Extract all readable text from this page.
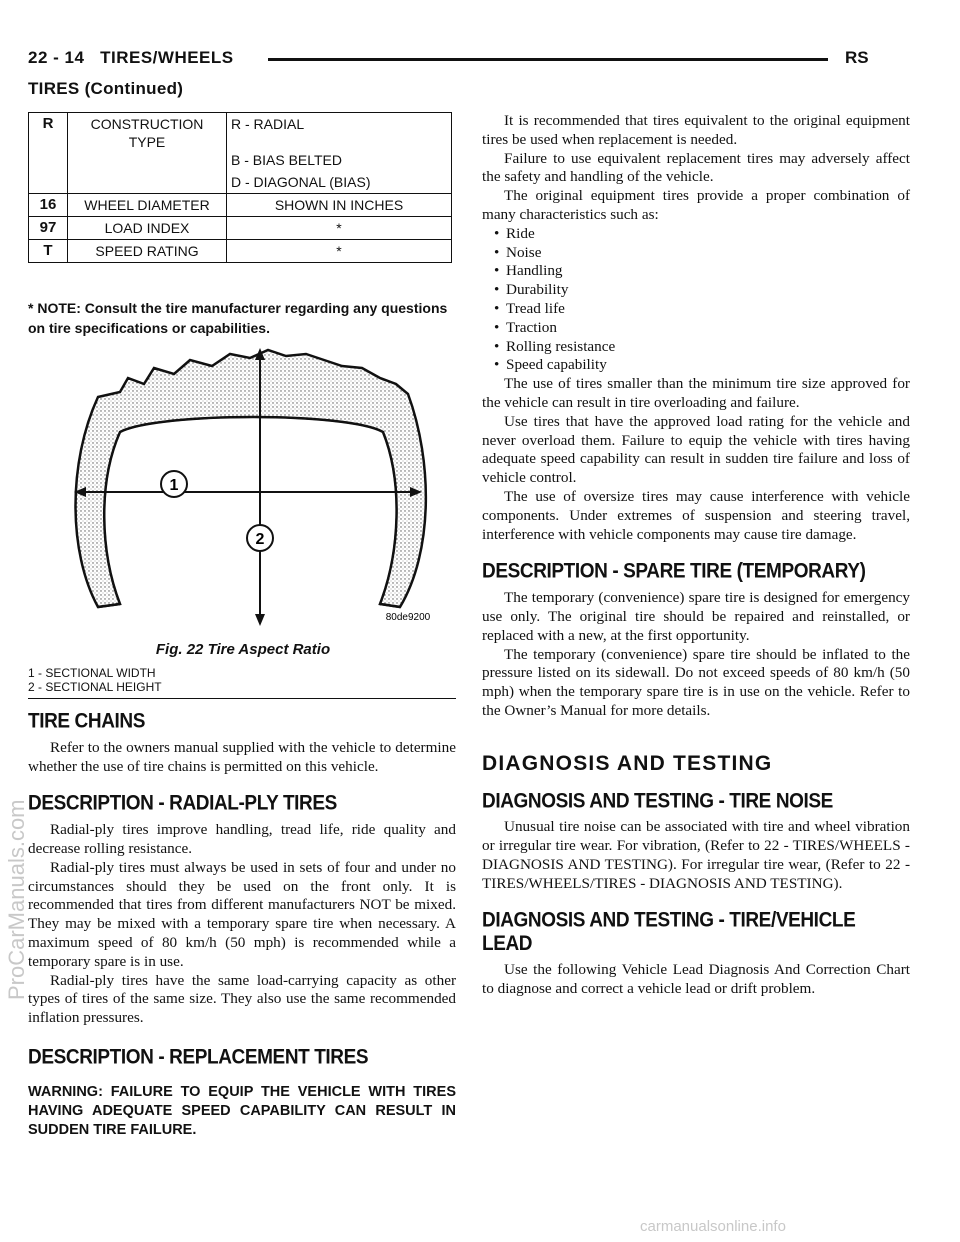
22 - 14 TIRES/WHEELS	RS
TIRES (Continued)
R	CONSTRUCTION TYPE	R - RADIAL
B - BIAS BELTED
D - DIAGONAL (BIAS)

16	WHEEL DIAMETER	SHOWN IN INCHES
97	LOAD INDEX	*
T	SPEED RATING	*
* NOTE: Consult the tire manufacturer regarding any questions on tire specifications or capabilities.
1
2
80de9200
Fig. 22 Tire Aspect Ratio
1 - SECTIONAL WIDTH
2 - SECTIONAL HEIGHT
TIRE CHAINS

Refer to the owners manual supplied with the vehicle to determine whether the use of tire chains is permitted on this vehicle.

DESCRIPTION - RADIAL-PLY TIRES

Radial-ply tires improve handling, tread life, ride quality and decrease rolling resistance.

Radial-ply tires must always be used in sets of four and under no circumstances should they be used on the front only. It is recommended that tires from different manufacturers NOT be mixed. They may be mixed with a temporary spare tire when necessary. A maximum speed of 80 km/h (50 mph) is recommended while a temporary spare is in use.

Radial-ply tires have the same load-carrying capacity as other types of tires of the same size. They also use the same recommended inflation pressures.

DESCRIPTION - REPLACEMENT TIRES
WARNING: FAILURE TO EQUIP THE VEHICLE WITH TIRES HAVING ADEQUATE SPEED CAPABILITY CAN RESULT IN SUDDEN TIRE FAILURE.

It is recommended that tires equivalent to the original equipment tires be used when replacement is needed.

Failure to use equivalent replacement tires may adversely affect the safety and handling of the vehicle.

The original equipment tires provide a proper combination of many characteristics such as:

• Ride
• Noise
• Handling
• Durability
• Tread life
• Traction
• Rolling resistance
• Speed capability

The use of tires smaller than the minimum tire size approved for the vehicle can result in tire overloading and failure.

Use tires that have the approved load rating for the vehicle and never overload them. Failure to equip the vehicle with tires having adequate speed capability can result in sudden tire failure and loss of vehicle control.

The use of oversize tires may cause interference with vehicle components. Under extremes of suspension and steering travel, interference with vehicle components may cause tire damage.

DESCRIPTION - SPARE TIRE (TEMPORARY)

The temporary (convenience) spare tire is designed for emergency use only. The original tire should be repaired and reinstalled, or replaced with a new, at the first opportunity.

The temporary (convenience) spare tire should be inflated to the pressure listed on its sidewall. Do not exceed speeds of 80 km/h (50 mph) when the temporary spare tire is in use on the vehicle. Refer to the Owner’s Manual for more details.

DIAGNOSIS AND TESTING
DIAGNOSIS AND TESTING - TIRE NOISE

Unusual tire noise can be associated with tire and wheel vibration or irregular tire wear. For vibration, (Refer to 22 - TIRES/WHEELS - DIAGNOSIS AND TESTING). For irregular tire wear, (Refer to 22 - TIRES/WHEELS/TIRES - DIAGNOSIS AND TESTING).

DIAGNOSIS AND TESTING - TIRE/VEHICLE
LEAD

Use the following Vehicle Lead Diagnosis And Correction Chart to diagnose and correct a vehicle lead or drift problem.

ProCarManuals.com
carmanualsonline.info
